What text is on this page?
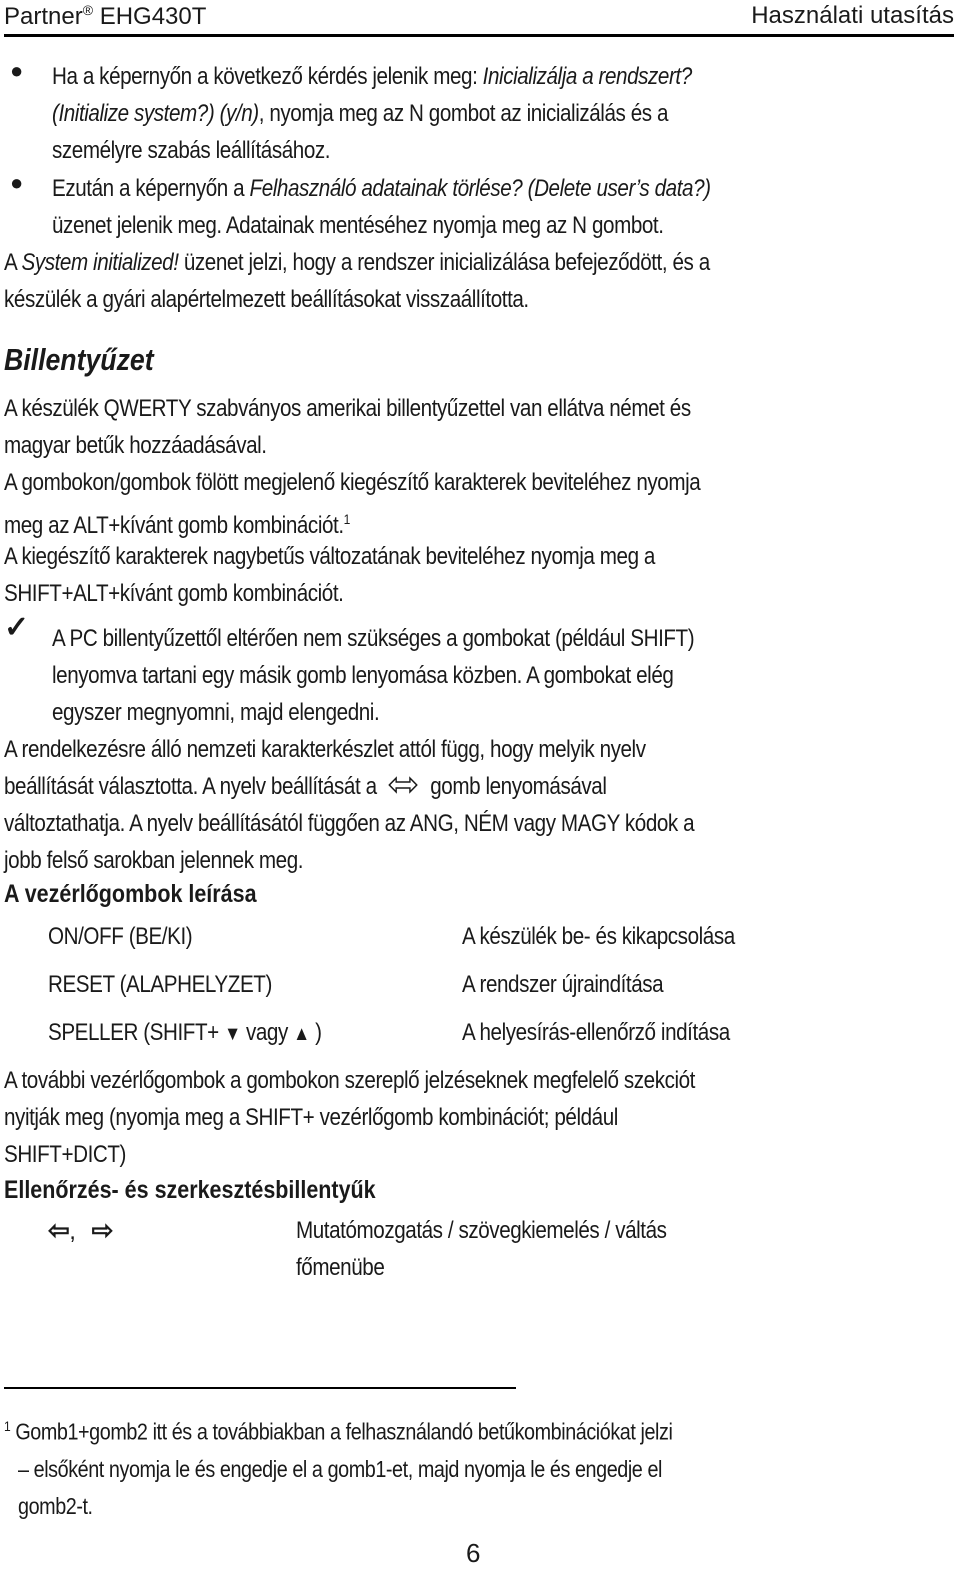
Partner® EHG430T	Használati utasítás
● Ha a képernyőn a következő kérdés jelenik meg: Inicializálja a rendszert?
(Initialize system?) (y/n), nyomja meg az N gombot az inicializálás és a
személyre szabás leállításához.
● Ezután a képernyőn a Felhasználó adatainak törlése? (Delete user’s data?)
üzenet jelenik meg. Adatainak mentéséhez nyomja meg az N gombot.
A System initialized! üzenet jelzi, hogy a rendszer inicializálása befejeződött, és a
készülék a gyári alapértelmezett beállításokat visszaállította.
Billentyűzet
A készülék QWERTY szabványos amerikai billentyűzettel van ellátva német és
magyar betűk hozzáadásával.
A gombokon/gombok fölött megjelenő kiegészítő karakterek beviteléhez nyomja
meg az ALT+kívánt gomb kombinációt.$^1$
A kiegészítő karakterek nagybetűs változatának beviteléhez nyomja meg a
SHIFT+ALT+kívánt gomb kombinációt.
✓ A PC billentyűzettől eltérően nem szükséges a gombokat (például SHIFT)
lenyomva tartani egy másik gomb lenyomása közben. A gombokat elég
egyszer megnyomni, majd elengedni.
A rendelkezésre álló nemzeti karakterkészlet attól függ, hogy melyik nyelv
beállítását választotta. A nyelv beállítását a gomb lenyomásával
változtathatja. A nyelv beállításától függően az ANG, NÉM vagy MAGY kódok a
jobb felső sarokban jelennek meg.
A vezérlőgombok leírása
ON/OFF (BE/KI)	A készülék be- és kikapcsolása
RESET (ALAPHELYZET)	A rendszer újraindítása
SPELLER (SHIFT+ ▼ vagy ▲ )	A helyesírás-ellenőrző indítása
A további vezérlőgombok a gombokon szereplő jelzéseknek megfelelő szekciót
nyitják meg (nyomja meg a SHIFT+ vezérlőgomb kombinációt; például
SHIFT+DICT)
Ellenőrzés- és szerkesztésbillentyűk
⇦, ⇨	Mutatómozgatás / szövegkiemelés / váltás
főmenübe
$^1$ Gomb1+gomb2 itt és a továbbiakban a felhasználandó betűkombinációkat jelzi
– elsőként nyomja le és engedje el a gomb1-et, majd nyomja le és engedje el
gomb2-t.
6
